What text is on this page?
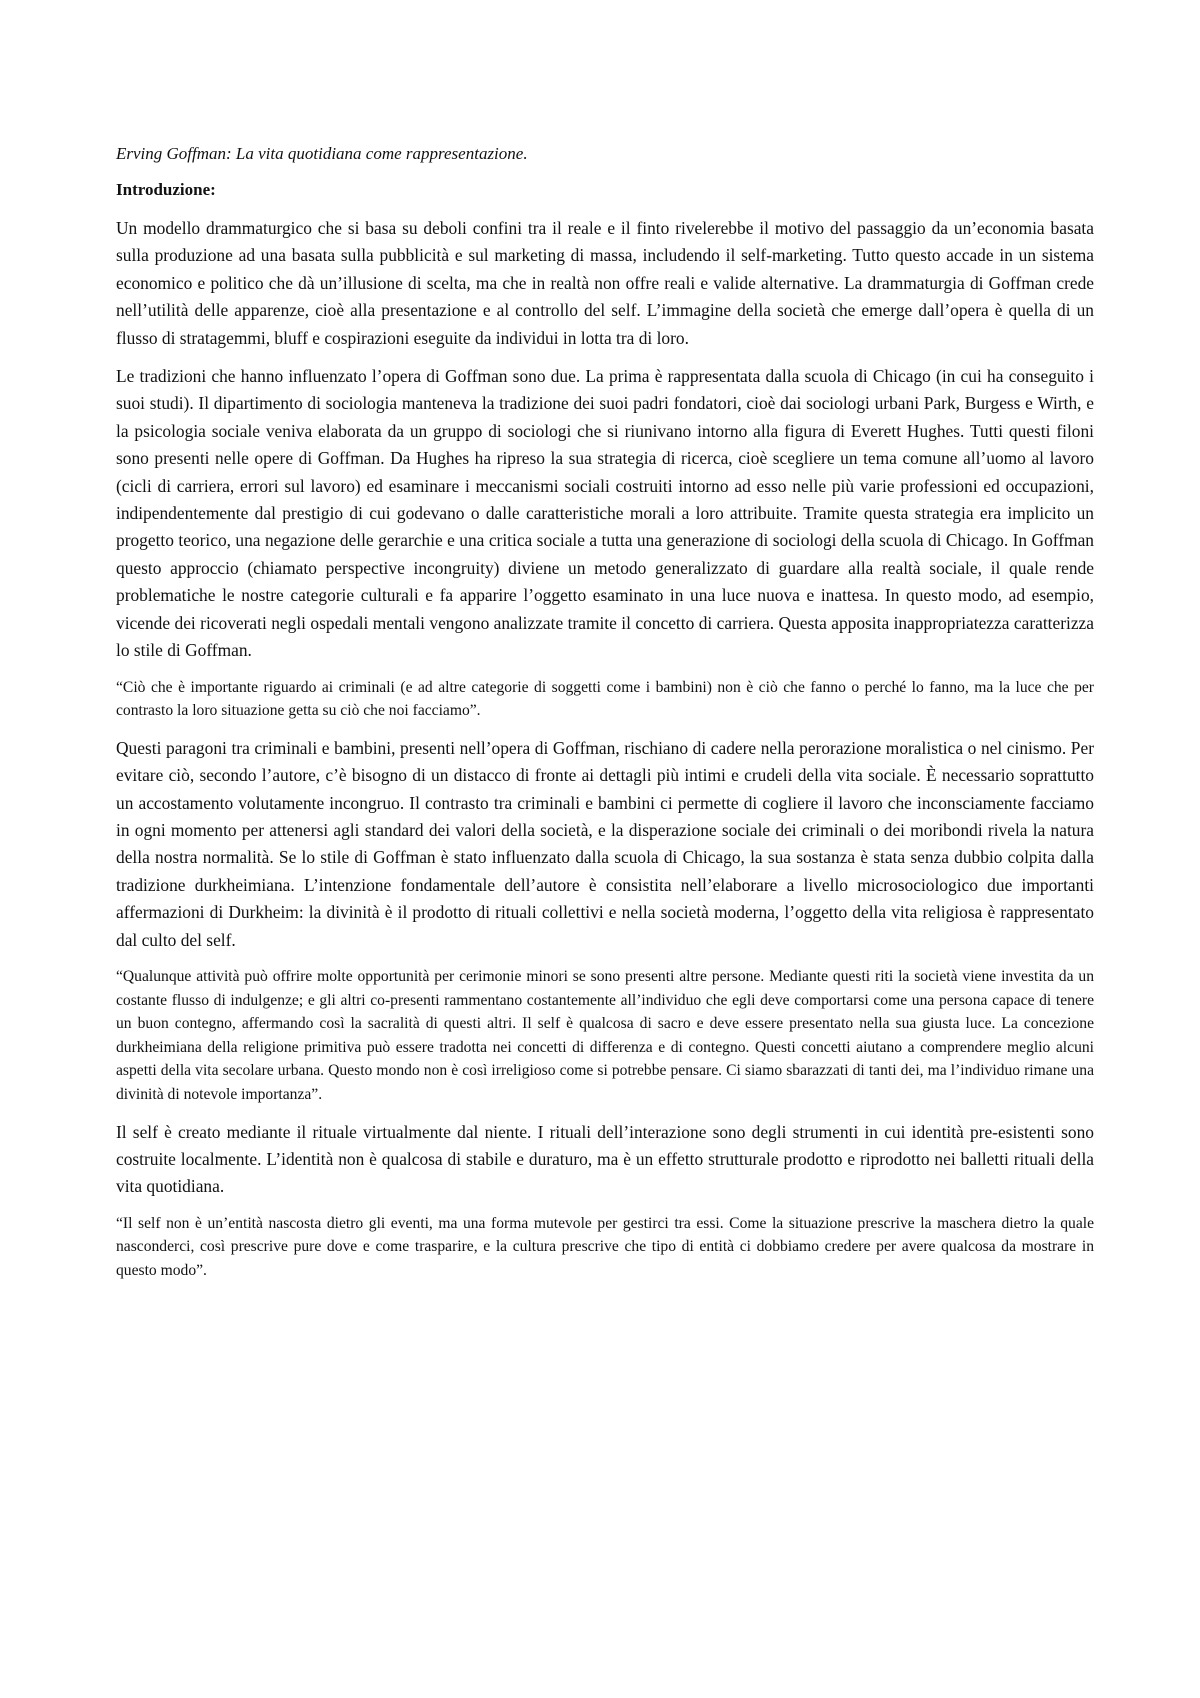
Erving Goffman: La vita quotidiana come rappresentazione.

Introduzione:

Un modello drammaturgico che si basa su deboli confini tra il reale e il finto rivelerebbe il motivo del passaggio da un’economia basata sulla produzione ad una basata sulla pubblicità e sul marketing di massa, includendo il self-marketing. Tutto questo accade in un sistema economico e politico che dà un’illusione di scelta, ma che in realtà non offre reali e valide alternative. La drammaturgia di Goffman crede nell’utilità delle apparenze, cioè alla presentazione e al controllo del self. L’immagine della società che emerge dall’opera è quella di un flusso di stratagemmi, bluff e cospirazioni eseguite da individui in lotta tra di loro.

Le tradizioni che hanno influenzato l’opera di Goffman sono due. La prima è rappresentata dalla scuola di Chicago (in cui ha conseguito i suoi studi). Il dipartimento di sociologia manteneva la tradizione dei suoi padri fondatori, cioè dai sociologi urbani Park, Burgess e Wirth, e la psicologia sociale veniva elaborata da un gruppo di sociologi che si riunivano intorno alla figura di Everett Hughes. Tutti questi filoni sono presenti nelle opere di Goffman. Da Hughes ha ripreso la sua strategia di ricerca, cioè scegliere un tema comune all’uomo al lavoro (cicli di carriera, errori sul lavoro) ed esaminare i meccanismi sociali costruiti intorno ad esso nelle più varie professioni ed occupazioni, indipendentemente dal prestigio di cui godevano o dalle caratteristiche morali a loro attribuite. Tramite questa strategia era implicito un progetto teorico, una negazione delle gerarchie e una critica sociale a tutta una generazione di sociologi della scuola di Chicago. In Goffman questo approccio (chiamato perspective incongruity) diviene un metodo generalizzato di guardare alla realtà sociale, il quale rende problematiche le nostre categorie culturali e fa apparire l’oggetto esaminato in una luce nuova e inattesa. In questo modo, ad esempio, vicende dei ricoverati negli ospedali mentali vengono analizzate tramite il concetto di carriera. Questa apposita inappropriatezza caratterizza lo stile di Goffman.

“Ciò che è importante riguardo ai criminali (e ad altre categorie di soggetti come i bambini) non è ciò che fanno o perché lo fanno, ma la luce che per contrasto la loro situazione getta su ciò che noi facciamo”.

Questi paragoni tra criminali e bambini, presenti nell’opera di Goffman, rischiano di cadere nella perorazione moralistica o nel cinismo. Per evitare ciò, secondo l’autore, c’è bisogno di un distacco di fronte ai dettagli più intimi e crudeli della vita sociale. È necessario soprattutto un accostamento volutamente incongruo. Il contrasto tra criminali e bambini ci permette di cogliere il lavoro che inconsciamente facciamo in ogni momento per attenersi agli standard dei valori della società, e la disperazione sociale dei criminali o dei moribondi rivela la natura della nostra normalità. Se lo stile di Goffman è stato influenzato dalla scuola di Chicago, la sua sostanza è stata senza dubbio colpita dalla tradizione durkheimiana. L’intenzione fondamentale dell’autore è consistita nell’elaborare a livello microsociologico due importanti affermazioni di Durkheim: la divinità è il prodotto di rituali collettivi e nella società moderna, l’oggetto della vita religiosa è rappresentato dal culto del self.

“Qualunque attività può offrire molte opportunità per cerimonie minori se sono presenti altre persone. Mediante questi riti la società viene investita da un costante flusso di indulgenze; e gli altri co-presenti rammentano costantemente all’individuo che egli deve comportarsi come una persona capace di tenere un buon contegno, affermando così la sacralità di questi altri. Il self è qualcosa di sacro e deve essere presentato nella sua giusta luce. La concezione durkheimiana della religione primitiva può essere tradotta nei concetti di differenza e di contegno. Questi concetti aiutano a comprendere meglio alcuni aspetti della vita secolare urbana. Questo mondo non è così irreligioso come si potrebbe pensare. Ci siamo sbarazzati di tanti dei, ma l’individuo rimane una divinità di notevole importanza”.

Il self è creato mediante il rituale virtualmente dal niente. I rituali dell’interazione sono degli strumenti in cui identità pre-esistenti sono costruite localmente. L’identità non è qualcosa di stabile e duraturo, ma è un effetto strutturale prodotto e riprodotto nei balletti rituali della vita quotidiana.

“Il self non è un’entità nascosta dietro gli eventi, ma una forma mutevole per gestirci tra essi. Come la situazione prescrive la maschera dietro la quale nasconderci, così prescrive pure dove e come trasparire, e la cultura prescrive che tipo di entità ci dobbiamo credere per avere qualcosa da mostrare in questo modo”.
